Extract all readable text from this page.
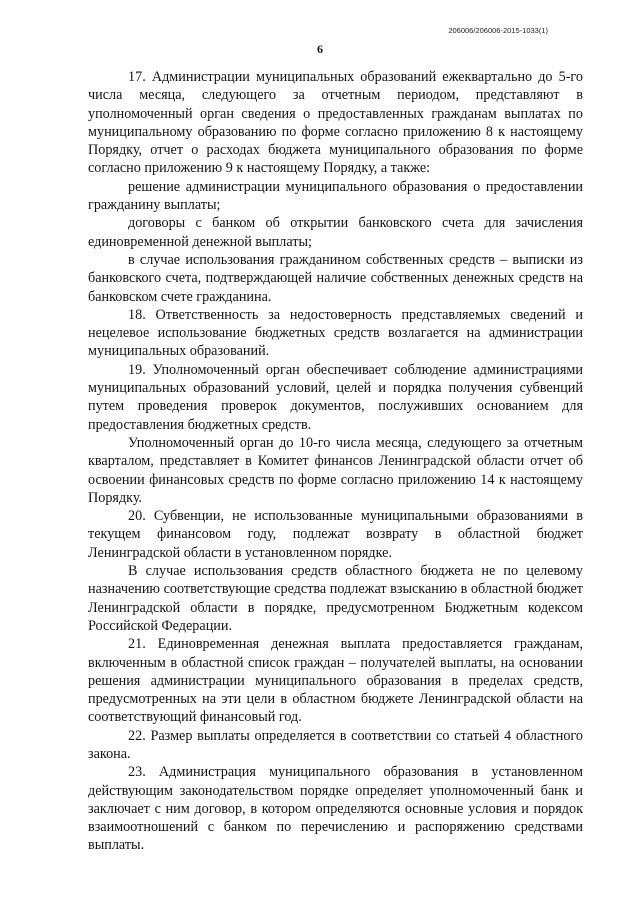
206006/206006-2015-1033(1)
6

17. Администрации муниципальных образований ежеквартально до 5-го числа месяца, следующего за отчетным периодом, представляют в уполномоченный орган сведения о предоставленных гражданам выплатах по муниципальному образованию по форме согласно приложению 8 к настоящему Порядку, отчет о расходах бюджета муниципального образования по форме согласно приложению 9 к настоящему Порядку, а также:

решение администрации муниципального образования о предоставлении гражданину выплаты;

договоры с банком об открытии банковского счета для зачисления единовременной денежной выплаты;

в случае использования гражданином собственных средств – выписки из банковского счета, подтверждающей наличие собственных денежных средств на банковском счете гражданина.

18. Ответственность за недостоверность представляемых сведений и нецелевое использование бюджетных средств возлагается на администрации муниципальных образований.

19. Уполномоченный орган обеспечивает соблюдение администрациями муниципальных образований условий, целей и порядка получения субвенций путем проведения проверок документов, послуживших основанием для предоставления бюджетных средств.

Уполномоченный орган до 10-го числа месяца, следующего за отчетным кварталом, представляет в Комитет финансов Ленинградской области отчет об освоении финансовых средств по форме согласно приложению 14 к настоящему Порядку.

20. Субвенции, не использованные муниципальными образованиями в текущем финансовом году, подлежат возврату в областной бюджет Ленинградской области в установленном порядке.

В случае использования средств областного бюджета не по целевому назначению соответствующие средства подлежат взысканию в областной бюджет Ленинградской области в порядке, предусмотренном Бюджетным кодексом Российской Федерации.

21. Единовременная денежная выплата предоставляется гражданам, включенным в областной список граждан – получателей выплаты, на основании решения администрации муниципального образования в пределах средств, предусмотренных на эти цели в областном бюджете Ленинградской области на соответствующий финансовый год.

22. Размер выплаты определяется в соответствии со статьей 4 областного закона.

23. Администрация муниципального образования в установленном действующим законодательством порядке определяет уполномоченный банк и заключает с ним договор, в котором определяются основные условия и порядок взаимоотношений с банком по перечислению и распоряжению средствами выплаты.
